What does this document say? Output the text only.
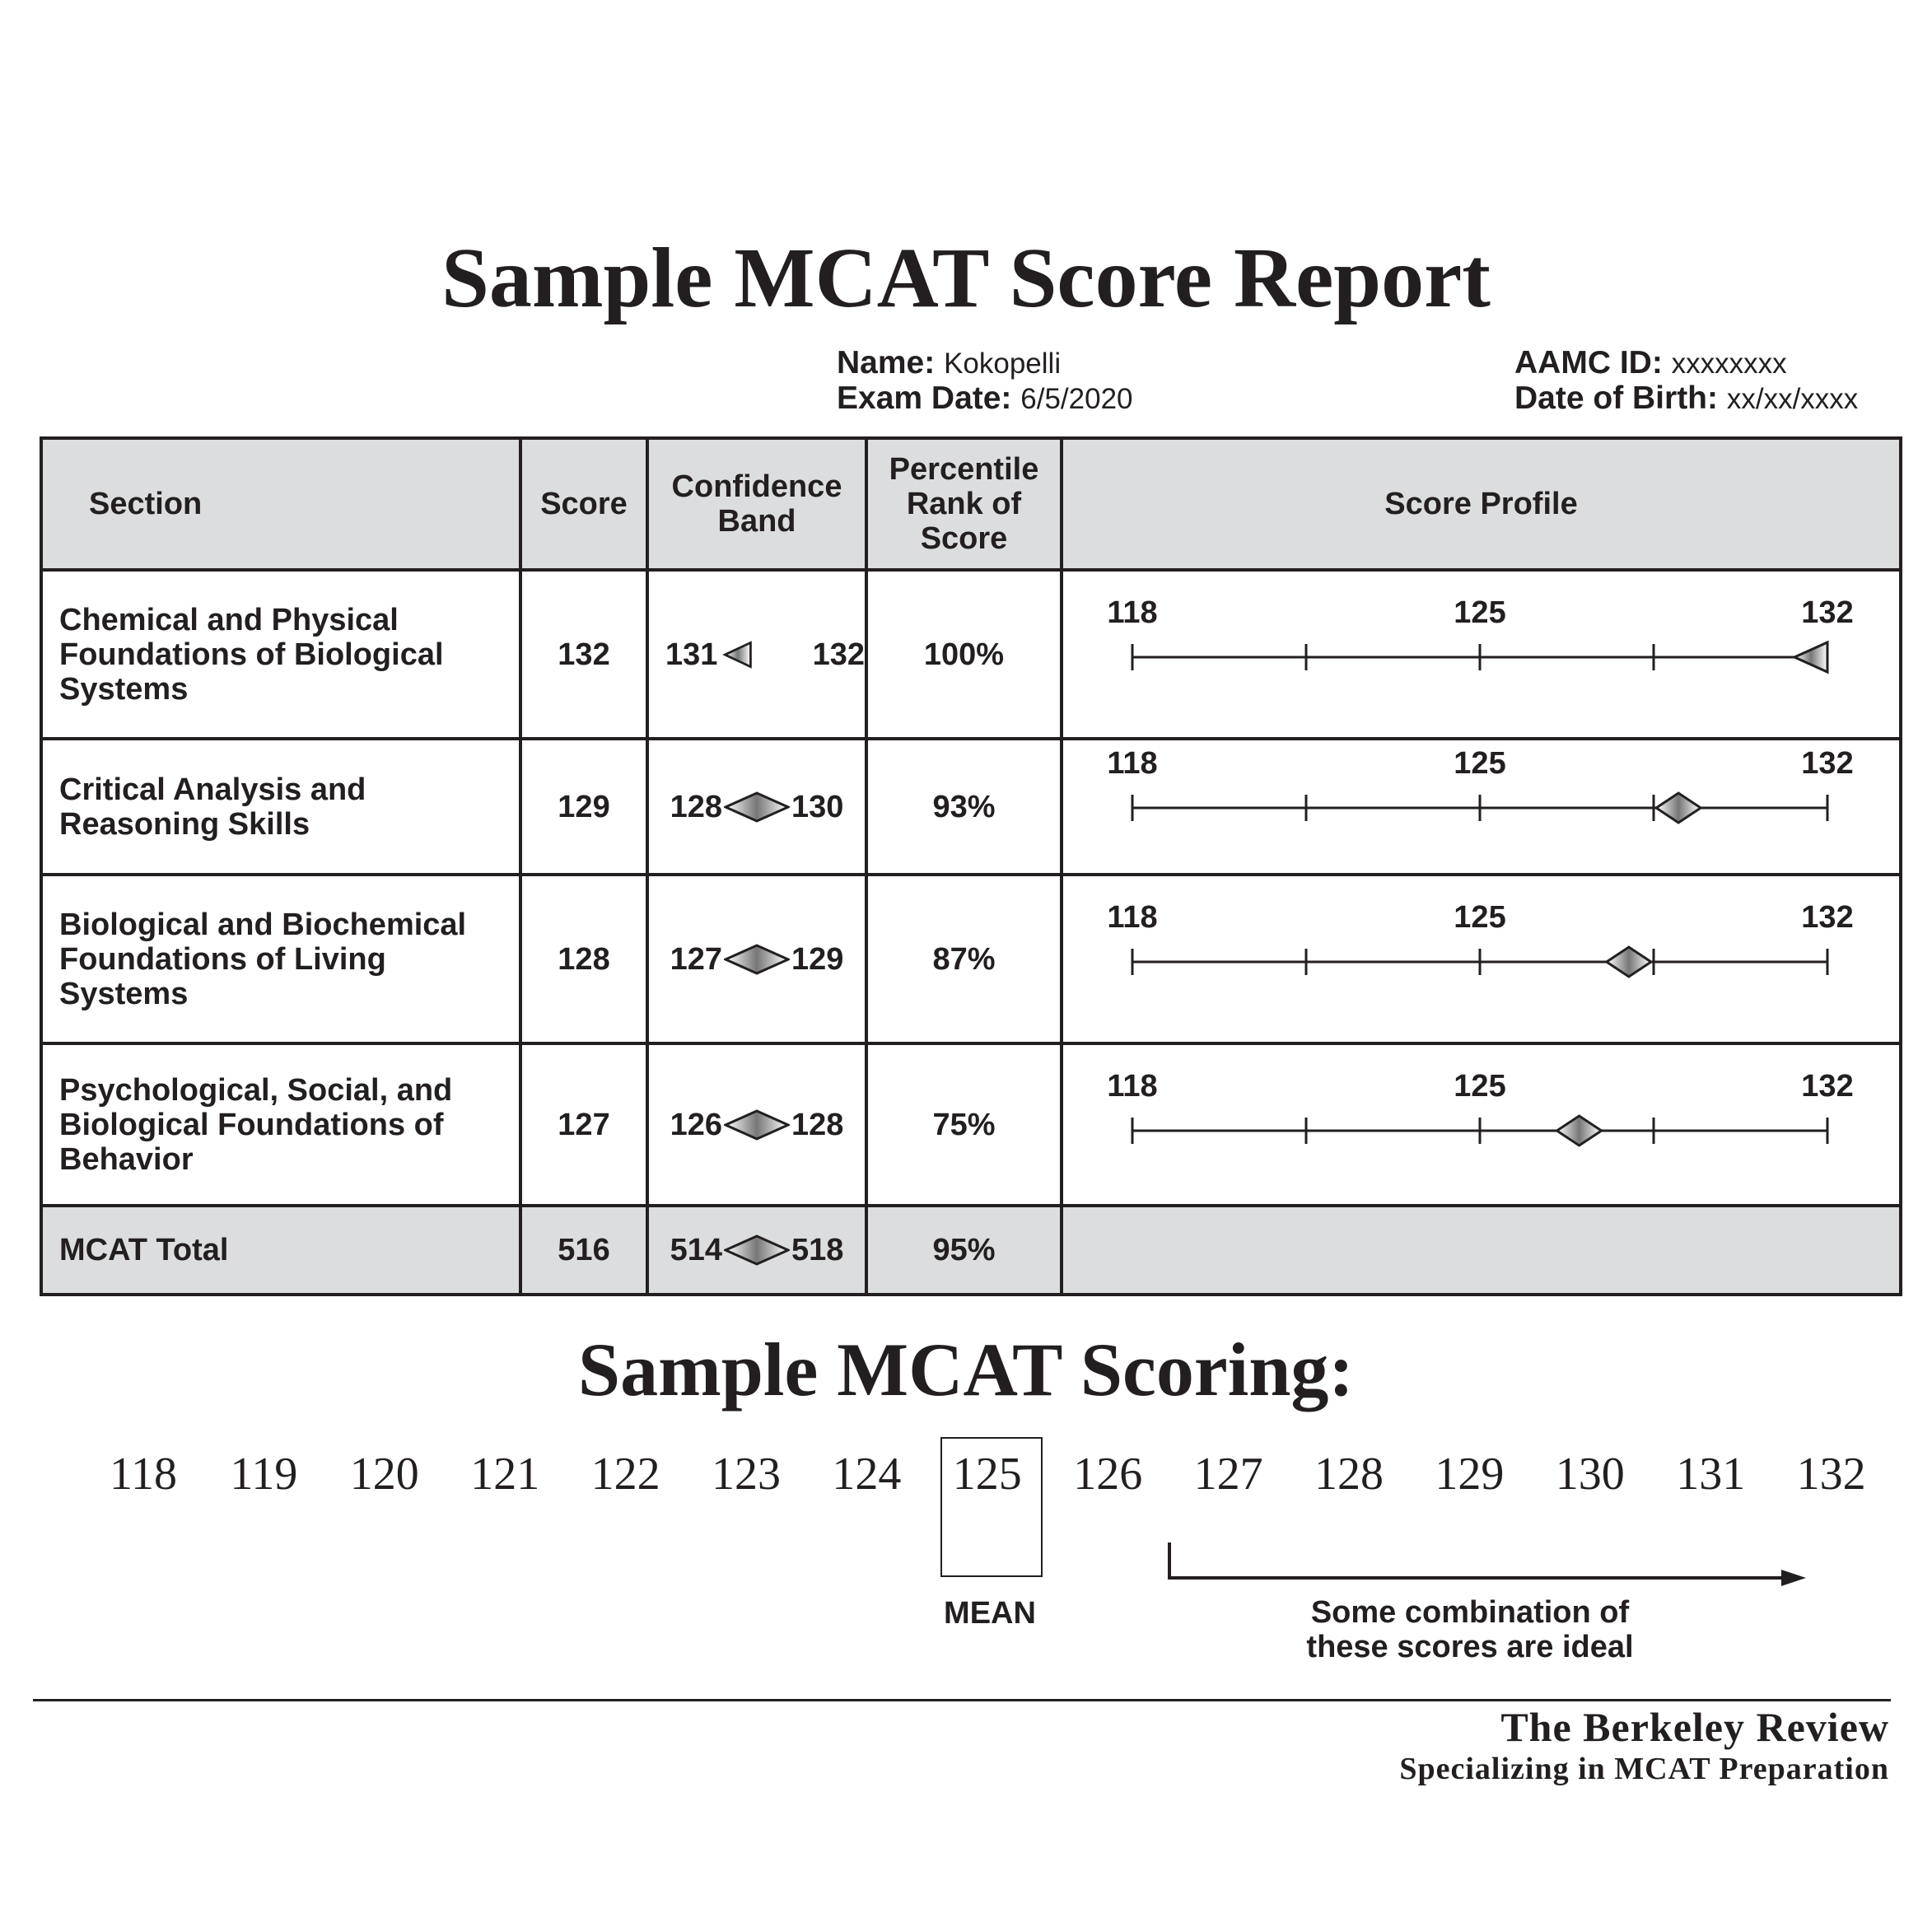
Sample MCAT Score Report
Name: Kokopelli
Exam Date: 6/5/2020
AAMC ID: xxxxxxxx
Date of Birth: xx/xx/xxxx
Section	Score	Confidence Band	Percentile Rank of Score	Score Profile
Chemical and Physical Foundations of Biological Systems	132	131 132	100%	118 125 132

Critical Analysis and Reasoning Skills	129	128 130	93%	118 125 132

Biological and Biochemical Foundations of Living Systems	128	127 129	87%	118 125 132

Psychological, Social, and Biological Foundations of Behavior	127	126 128	75%	118 125 132

MCAT Total	516	514 518	95%	
Sample MCAT Scoring:
118 119 120 121 122 123 124 125 126 127 128 129 130 131 132
MEAN	Some combination of these scores are ideal
The Berkeley Review
Specializing in MCAT Preparation
